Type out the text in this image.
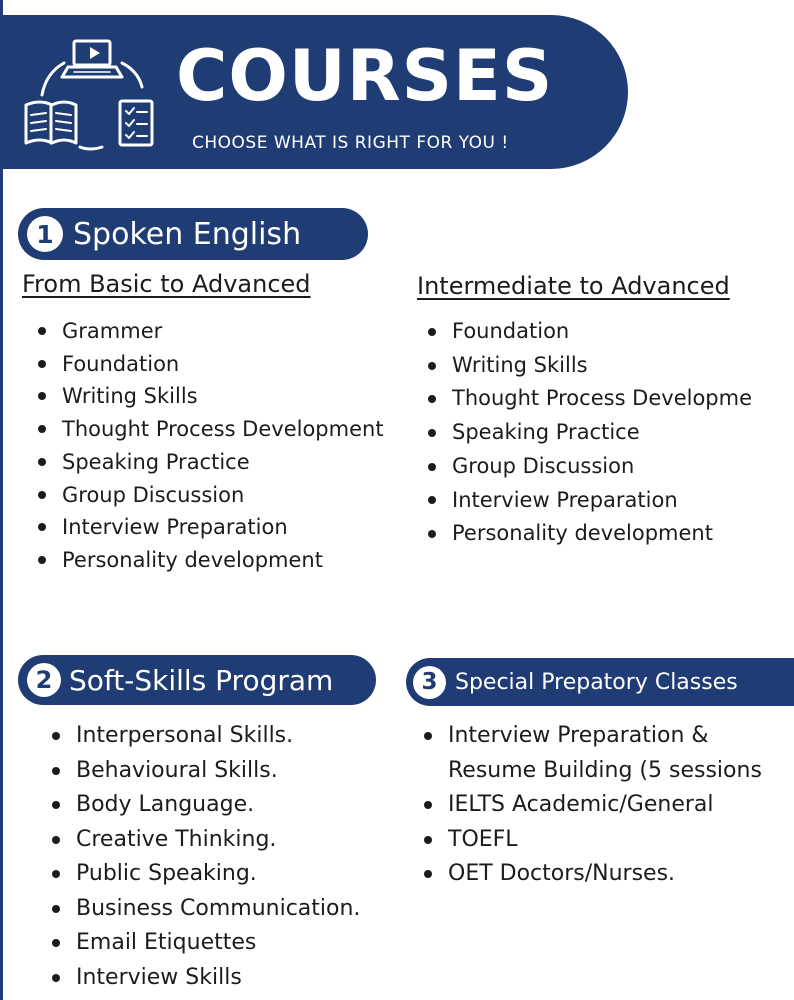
COURSES
CHOOSE WHAT IS RIGHT FOR YOU !
1 Spoken English
From Basic to Advanced	Intermediate to Advanced
Grammer
Foundation
Writing Skills
Thought Process Development
Speaking Practice
Group Discussion
Interview Preparation
Personality development
Foundation
Writing Skills
Thought Process Developme
Speaking Practice
Group Discussion
Interview Preparation
Personality development
2 Soft-Skills Program
Interpersonal Skills.
Behavioural Skills.
Body Language.
Creative Thinking.
Public Speaking.
Business Communication.
Email Etiquettes
Interview Skills
3 Special Prepatory Classes
Interview Preparation &
Resume Building (5 sessions
IELTS Academic/General
TOEFL
OET Doctors/Nurses.
